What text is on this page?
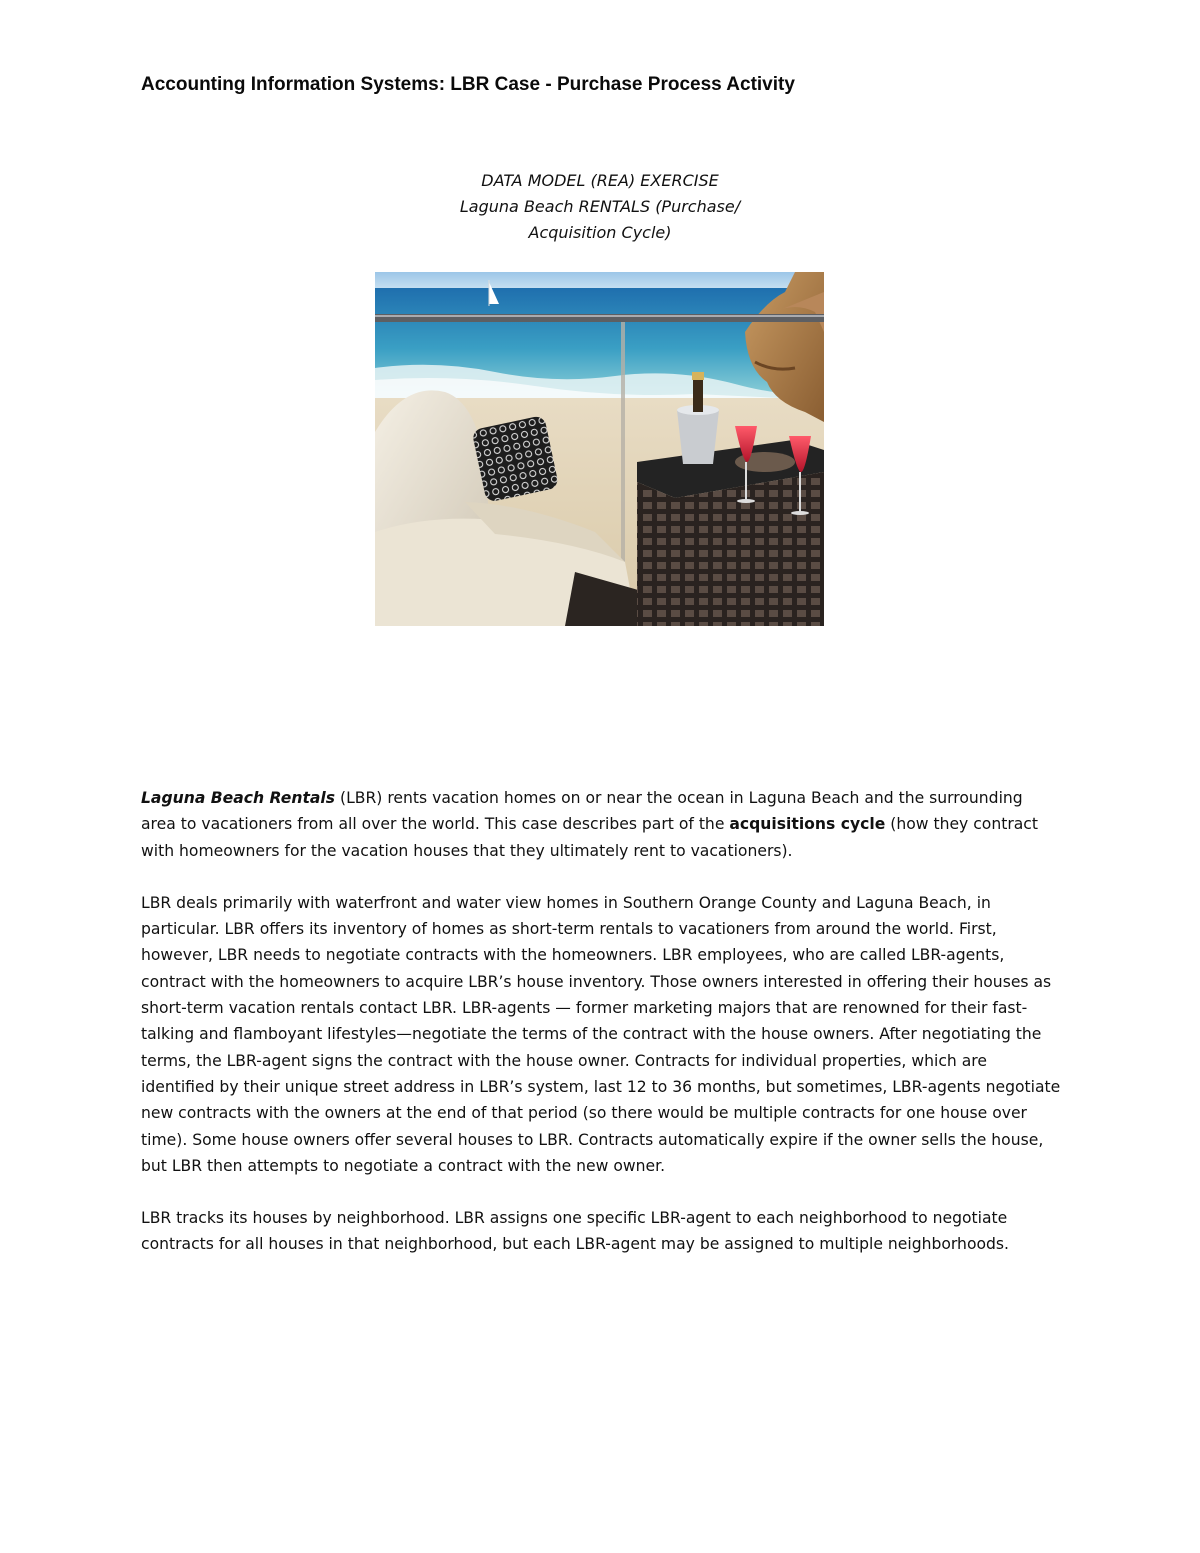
Accounting Information Systems: LBR Case - Purchase Process Activity
DATA MODEL (REA) EXERCISE
Laguna Beach RENTALS (Purchase/
Acquisition Cycle)

Laguna Beach Rentals (LBR) rents vacation homes on or near the ocean in Laguna Beach and the surrounding area to vacationers from all over the world. This case describes part of the acquisitions cycle (how they contract with homeowners for the vacation houses that they ultimately rent to vacationers).

LBR deals primarily with waterfront and water view homes in Southern Orange County and Laguna Beach, in particular. LBR offers its inventory of homes as short-term rentals to vacationers from around the world. First, however, LBR needs to negotiate contracts with the homeowners. LBR employees, who are called LBR-agents, contract with the homeowners to acquire LBR’s house inventory. Those owners interested in offering their houses as short-term vacation rentals contact LBR. LBR-agents — former marketing majors that are renowned for their fast-talking and flamboyant lifestyles—negotiate the terms of the contract with the house owners. After negotiating the terms, the LBR-agent signs the contract with the house owner. Contracts for individual properties, which are identified by their unique street address in LBR’s system, last 12 to 36 months, but sometimes, LBR-agents negotiate new contracts with the owners at the end of that period (so there would be multiple contracts for one house over time). Some house owners offer several houses to LBR. Contracts automatically expire if the owner sells the house, but LBR then attempts to negotiate a contract with the new owner.

LBR tracks its houses by neighborhood. LBR assigns one specific LBR-agent to each neighborhood to negotiate contracts for all houses in that neighborhood, but each LBR-agent may be assigned to multiple neighborhoods.
